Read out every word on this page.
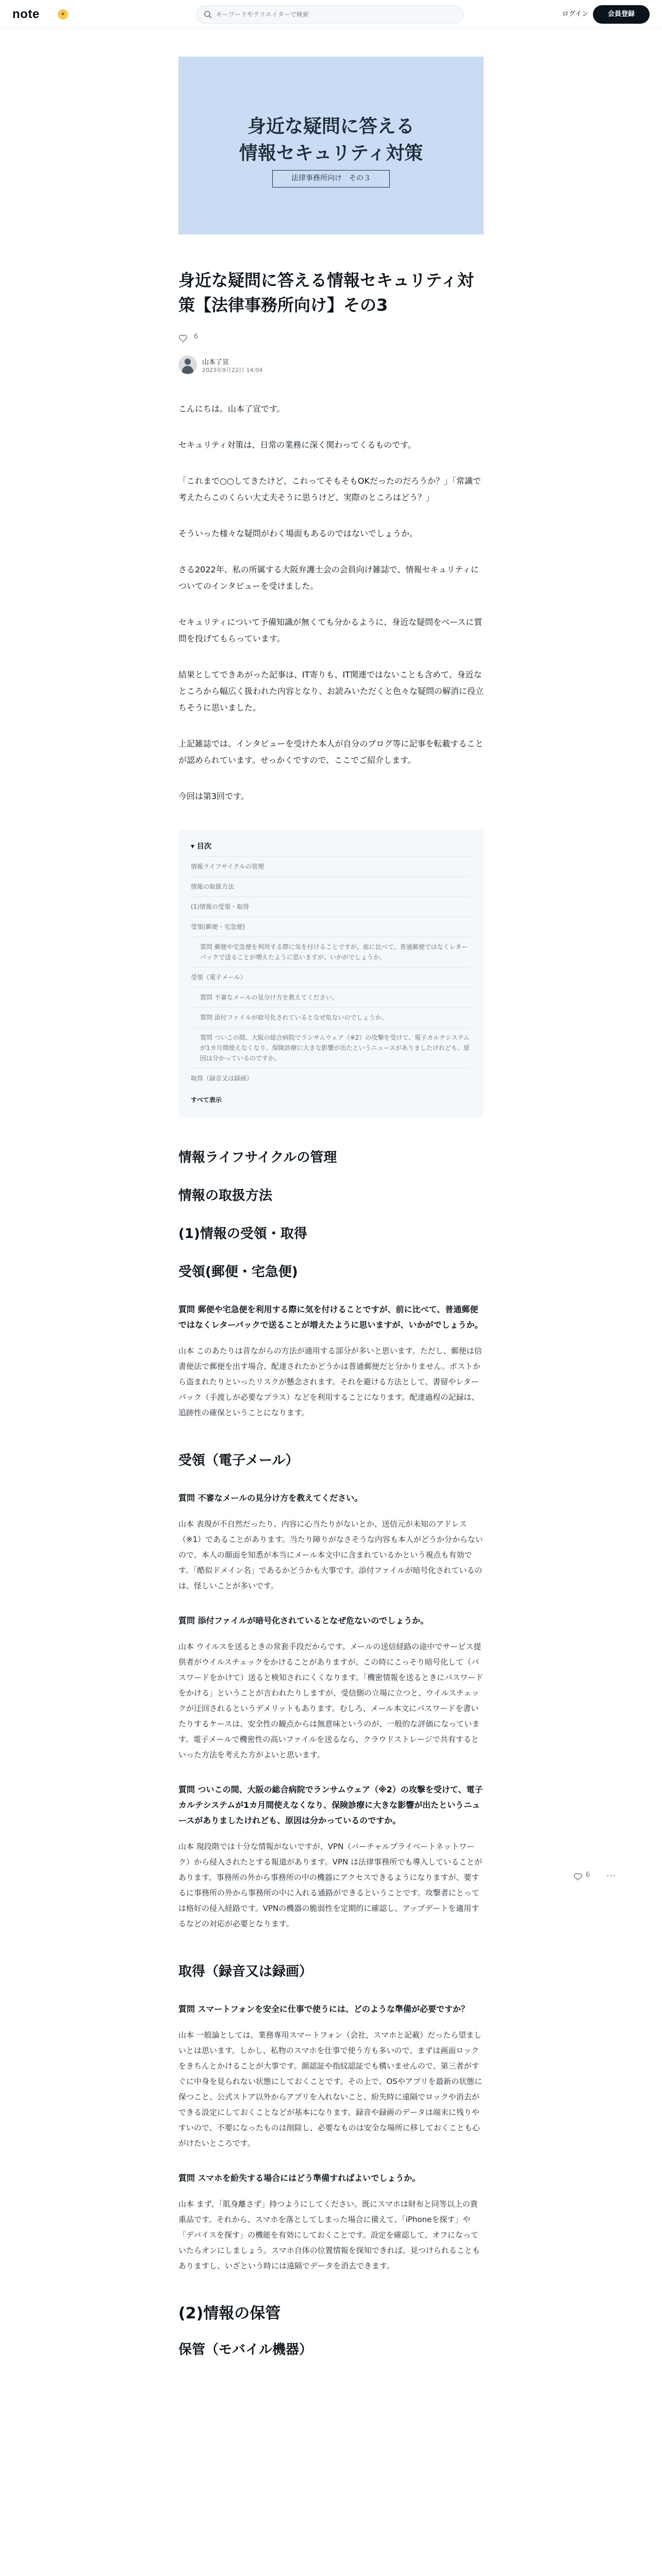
note	✦
キーワードやクリエイターで検索	ログイン	会員登録
身近な疑問に答える
情報セキュリティ対策
法律事務所向け　その３
身近な疑問に答える情報セキュリティ対策【法律事務所向け】その3
6
山本了宣
2023年9月22日 14:04

こんにちは。山本了宣です。

セキュリティ対策は、日常の業務に深く関わってくるものです。

「これまで○○してきたけど、これってそもそもOKだったのだろうか？」「常識で考えたらこのくらい大丈夫そうに思うけど、実際のところはどう？」

そういった様々な疑問がわく場面もあるのではないでしょうか。

さる2022年、私の所属する大阪弁護士会の会員向け雑誌で、情報セキュリティについてのインタビューを受けました。

セキュリティについて予備知識が無くても分かるように、身近な疑問をベースに質問を投げてもらっています。

結果としてできあがった記事は、IT寄りも、IT関連ではないことも含めて、身近なところから幅広く扱われた内容となり、お読みいただくと色々な疑問の解消に役立ちそうに思いました。

上記雑誌では、インタビューを受けた本人が自分のブログ等に記事を転載することが認められています。せっかくですので、ここでご紹介します。

今回は第3回です。

▾ 目次
情報ライフサイクルの管理
情報の取扱方法
(1)情報の受領・取得
受領(郵便・宅急便)
質問 郵便や宅急便を利用する際に気を付けることですが、前に比べて、普通郵便ではなくレターパックで送ることが増えたように思いますが、いかがでしょうか。
受領（電子メール）
質問 不審なメールの見分け方を教えてください。
質問 添付ファイルが暗号化されているとなぜ危ないのでしょうか。
質問 ついこの間、大阪の総合病院でランサムウェア（※2）の攻撃を受けて、電子カルテシステムが1カ月間使えなくなり、保険診療に大きな影響が出たというニュースがありましたけれども、原因は分かっているのですか。
取得（録音又は録画）
すべて表示
情報ライフサイクルの管理
情報の取扱方法
(1)情報の受領・取得
受領(郵便・宅急便)

質問 郵便や宅急便を利用する際に気を付けることですが、前に比べて、普通郵便ではなくレターパックで送ることが増えたように思いますが、いかがでしょうか。

山本 このあたりは昔ながらの方法が通用する部分が多いと思います。ただし、郵便は信書便法で郵便を出す場合、配達されたかどうかは普通郵便だと分かりません。ポストから盗まれたりといったリスクが懸念されます。それを避ける方法として、書留やレターパック（手渡しが必要なプラス）などを利用することになります。配達過程の記録は、追跡性の確保ということになります。

受領（電子メール）

質問 不審なメールの見分け方を教えてください。

山本 表現が不自然だったり、内容に心当たりがないとか、送信元が未知のアドレス（※1）であることがあります。当たり障りがなさそうな内容も本人がどうか分からないので、本人の顔面を知悉が本当にメール本文中に含まれているかという視点も有効です。「酷似ドメイン名」であるかどうかも大事です。添付ファイルが暗号化されているのは、怪しいことが多いです。

質問 添付ファイルが暗号化されているとなぜ危ないのでしょうか。

山本 ウイルスを送るときの常套手段だからです。メールの送信経路の途中でサービス提供者がウイルスチェックをかけることがありますが、この時にこっそり暗号化して（パスワードをかけて）送ると検知されにくくなります。「機密情報を送るときにパスワードをかける」ということが言われたりしますが、受信側の立場に立つと、ウイルスチェックが迂回されるというデメリットもあります。むしろ、メール本文にパスワードを書いたりするケースは、安全性の観点からは無意味というのが、一般的な評価になっています。電子メールで機密性の高いファイルを送るなら、クラウドストレージで共有するといった方法を考えた方がよいと思います。

質問 ついこの間、大阪の総合病院でランサムウェア（※2）の攻撃を受けて、電子カルテシステムが1カ月間使えなくなり、保険診療に大きな影響が出たというニュースがありましたけれども、原因は分かっているのですか。

山本 現段階では十分な情報がないですが、VPN（バーチャルプライベートネットワーク）から侵入されたとする報道があります。VPN は法律事務所でも導入していることがあります。事務所の外から事務所の中の機器にアクセスできるようになりますが、要するに事務所の外から事務所の中に入れる通路ができるということです。攻撃者にとっては格好の侵入経路です。VPNの機器の脆弱性を定期的に確認し、アップデートを適用するなどの対応が必要となります。

取得（録音又は録画）

質問 スマートフォンを安全に仕事で使うには、どのような準備が必要ですか？

山本 一般論としては、業務専用スマートフォン（会社、スマホと記載）だったら望ましいとは思います。しかし、私物のスマホを仕事で使う方も多いので、まずは画面ロックをきちんとかけることが大事です。顔認証や指紋認証でも構いませんので、第三者がすぐに中身を見られない状態にしておくことです。その上で、OSやアプリを最新の状態に保つこと、公式ストア以外からアプリを入れないこと、紛失時に遠隔でロックや消去ができる設定にしておくことなどが基本になります。録音や録画のデータは端末に残りやすいので、不要になったものは削除し、必要なものは安全な場所に移しておくことも心がけたいところです。

質問 スマホを紛失する場合にはどう準備すればよいでしょうか。

山本 まず、「肌身離さず」持つようにしてください。既にスマホは財布と同等以上の貴重品です。それから、スマホを落としてしまった場合に備えて、「iPhoneを探す」や「デバイスを探す」の機能を有効にしておくことです。設定を確認して、オフになっていたらオンにしましょう。スマホ自体の位置情報を探知できれば、見つけられることもありますし、いざという時には遠隔でデータを消去できます。

(2)情報の保管
保管（モバイル機器）
6 ⋯
